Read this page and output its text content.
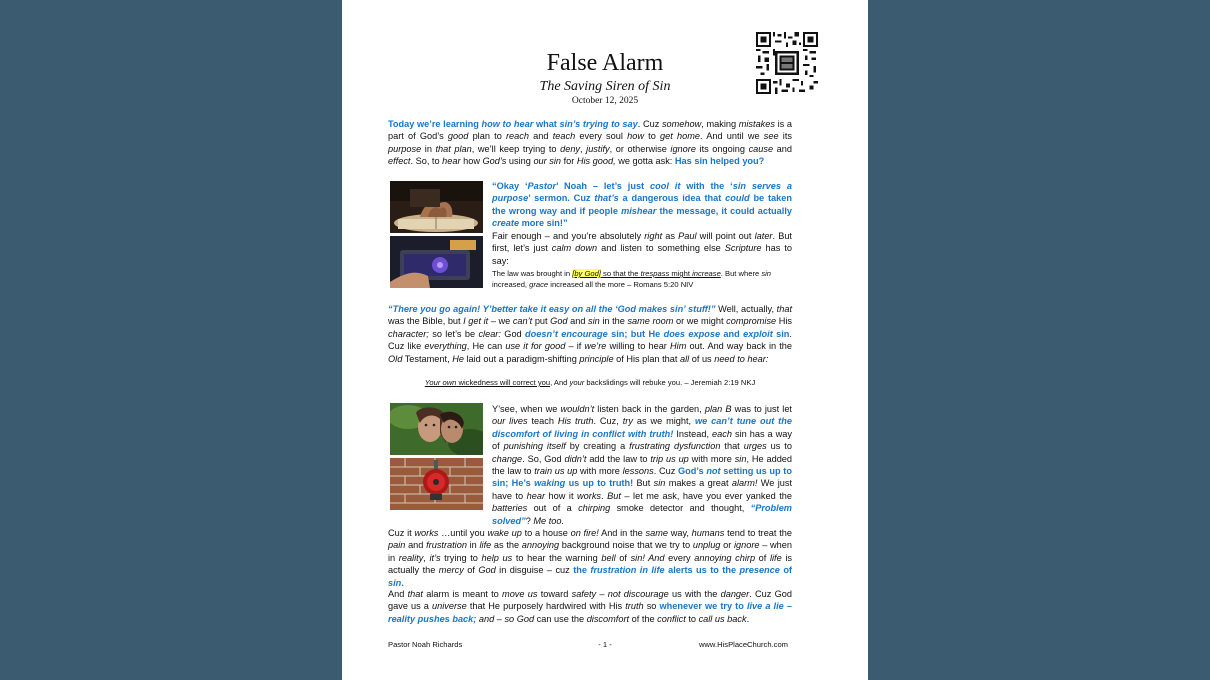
False Alarm
The Saving Siren of Sin
October 12, 2025
Today we’re learning how to hear what sin’s trying to say. Cuz somehow, making mistakes is a part of God’s good plan to reach and teach every soul how to get home. And until we see its purpose in that plan, we’ll keep trying to deny, justify, or otherwise ignore its ongoing cause and effect. So, to hear how God’s using our sin for His good, we gotta ask: Has sin helped you?
“Okay ‘Pastor’ Noah – let’s just cool it with the ‘sin serves a purpose’ sermon. Cuz that’s a dangerous idea that could be taken the wrong way and if people mishear the message, it could actually create more sin!”
Fair enough – and you’re absolutely right as Paul will point out later. But first, let’s just calm down and listen to something else Scripture has to say:
The law was brought in [by God] so that the trespass might increase. But where sin increased, grace increased all the more – Romans 5:20 NIV
“There you go again! Y’better take it easy on all the ‘God makes sin’ stuff!” Well, actually, that was the Bible, but I get it – we can’t put God and sin in the same room or we might compromise His character; so let’s be clear: God doesn’t encourage sin; but He does expose and exploit sin. Cuz like everything, He can use it for good – if we’re willing to hear Him out. And way back in the Old Testament, He laid out a paradigm-shifting principle of His plan that all of us need to hear:
Your own wickedness will correct you, And your backslidings will rebuke you. – Jeremiah 2:19 NKJ
Y’see, when we wouldn’t listen back in the garden, plan B was to just let our lives teach His truth. Cuz, try as we might, we can’t tune out the discomfort of living in conflict with truth! Instead, each sin has a way of punishing itself by creating a frustrating dysfunction that urges us to change. So, God didn’t add the law to trip us up with more sin, He added the law to train us up with more lessons. Cuz God’s not setting us up to sin; He’s waking us up to truth! But sin makes a great alarm! We just have to hear how it works. But – let me ask, have you ever yanked the batteries out of a chirping smoke detector and thought, “Problem solved”? Me too.
Cuz it works …until you wake up to a house on fire! And in the same way, humans tend to treat the pain and frustration in life as the annoying background noise that we try to unplug or ignore – when in reality, it’s trying to help us to hear the warning bell of sin! And every annoying chirp of life is actually the mercy of God in disguise – cuz the frustration in life alerts us to the presence of sin.
And that alarm is meant to move us toward safety – not discourage us with the danger. Cuz God gave us a universe that He purposely hardwired with His truth so whenever we try to live a lie – reality pushes back; and – so God can use the discomfort of the conflict to call us back.
Pastor Noah Richards	- 1 -	www.HisPlaceChurch.com
